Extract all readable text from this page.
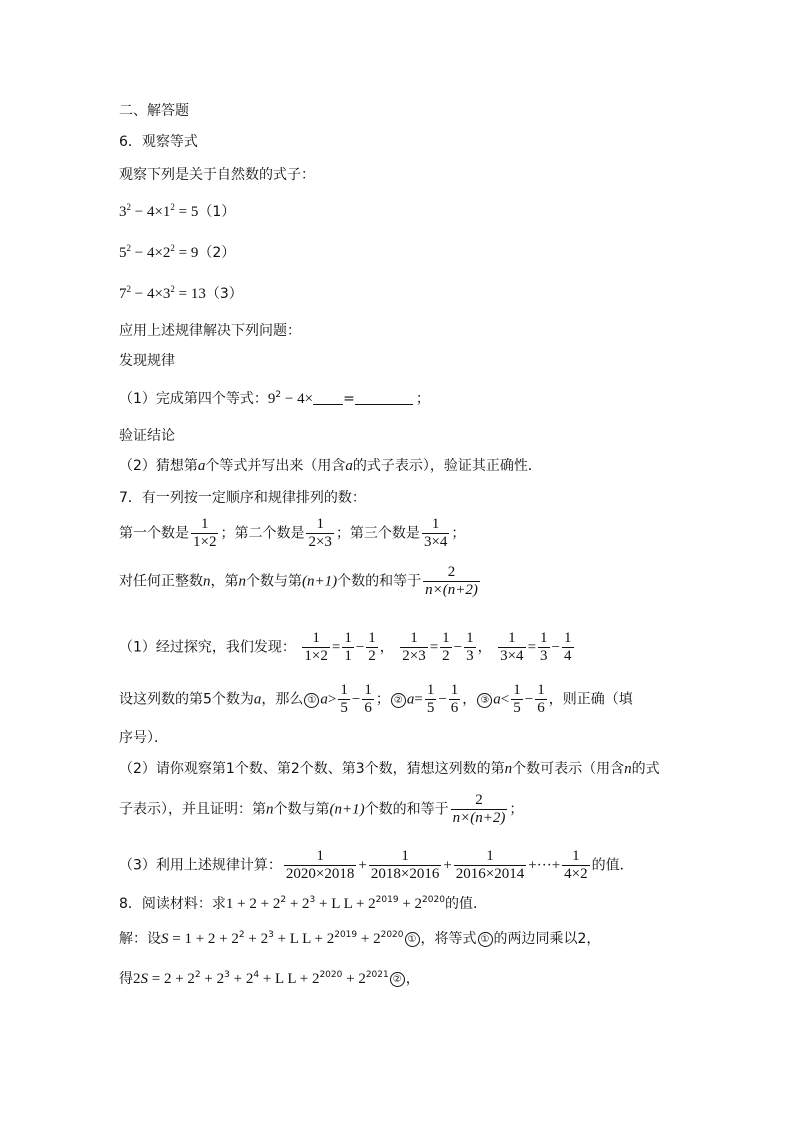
二、解答题
6．观察等式
观察下列是关于自然数的式子：
$3^2 - 4\times 1^2 = 5(1)$
$5^2 - 4\times 2^2 = 9(2)$
$7^2 - 4\times 3^2 = 13(3)$
应用上述规律解决下列问题：
发现规律
（1）完成第四个等式：$9^2 - 4\times$ =	；
验证结论
（2）猜想第a个等式并写出来（用含a的式子表示），验证其正确性．
7．有一列按一定顺序和规律排列的数：
第一个数是 $\frac{1}{1\times 2}$ ；第二个数是 $\frac{1}{2\times 3}$ ；第三个数是 $\frac{1}{3\times 4}$ ；
对任何正整数n，第n个数与第(n+1)个数的和等于 $\frac{2}{n\times(n+2)}$
（1）经过探究，我们发现： $\frac{1}{1\times 2} = \frac{1}{1} - \frac{1}{2}$ ， $\frac{1}{2\times 3} = \frac{1}{2} - \frac{1}{3}$ ， $\frac{1}{3\times 4} = \frac{1}{3} - \frac{1}{4}$
设这列数的第5个数为a，那么 ① $a> \frac{1}{5} - \frac{1}{6}$ ； ② $a= \frac{1}{5} - \frac{1}{6}$ ， ③ $a< \frac{1}{5} - \frac{1}{6}$ ，则正确（填
序号）．
（2）请你观察第1个数、第2个数、第3个数，猜想这列数的第n个数可表示（用含n的式
子表示），并且证明：第n个数与第(n+1)个数的和等于 $\frac{2}{n\times(n+2)}$ ；
（3）利用上述规律计算： $\frac{1}{2020\times 2018} + \frac{1}{2018\times 2016} + \frac{1}{2016\times 2014}$ +···+ $\frac{1}{4\times 2}$ 的值．
8．阅读材料：求$1 + 2 + 2^2 + 2^3 + L$ $L + 2^{2019} + 2^{2020}$的值．
解：设$S = 1 + 2 + 2^2 + 2^3 + L$ $L + 2^{2019} + 2^{2020}$ ① ，将等式 ① 的两边同乘以2，
得$2S = 2 + 2^2 + 2^3 + 2^4 + L$ $L + 2^{2020} + 2^{2021}$ ② ，
